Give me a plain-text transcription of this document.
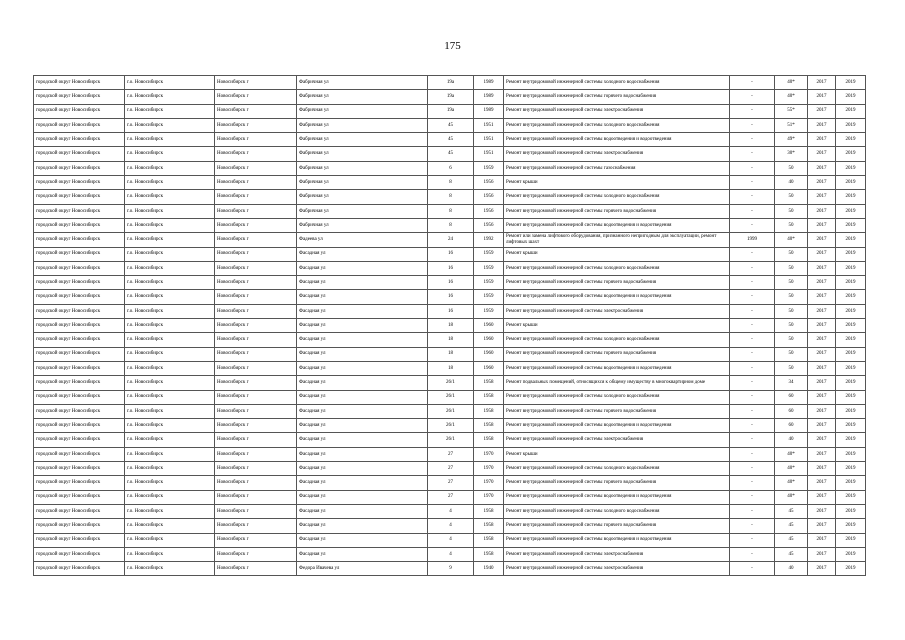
175
городской округ Новосибирск	г.о. Новосибирск	Новосибирск г	Фабричная ул	19а	1989	Ремонт внутридомовой инженерной системы холодного водоснабжения	-	40*	2017	2019
городской округ Новосибирск	г.о. Новосибирск	Новосибирск г	Фабричная ул	19а	1989	Ремонт внутридомовой инженерной системы горячего водоснабжения	-	40*	2017	2019
городской округ Новосибирск	г.о. Новосибирск	Новосибирск г	Фабричная ул	19а	1989	Ремонт внутридомовой инженерной системы электроснабжения	-	55*	2017	2019
городской округ Новосибирск	г.о. Новосибирск	Новосибирск г	Фабричная ул	45	1951	Ремонт внутридомовой инженерной системы холодного водоснабжения	-	51*	2017	2019
городской округ Новосибирск	г.о. Новосибирск	Новосибирск г	Фабричная ул	45	1951	Ремонт внутридомовой инженерной системы водоотведения и водоотведения	-	49*	2017	2019
городской округ Новосибирск	г.о. Новосибирск	Новосибирск г	Фабричная ул	45	1951	Ремонт внутридомовой инженерной системы электроснабжения	-	30*	2017	2019
городской округ Новосибирск	г.о. Новосибирск	Новосибирск г	Фабричная ул	6	1959	Ремонт внутридомовой инженерной системы газоснабжения	-	50	2017	2019
городской округ Новосибирск	г.о. Новосибирск	Новосибирск г	Фабричная ул	8	1956	Ремонт крыши	-	40	2017	2019
городской округ Новосибирск	г.о. Новосибирск	Новосибирск г	Фабричная ул	8	1956	Ремонт внутридомовой инженерной системы холодного водоснабжения	-	50	2017	2019
городской округ Новосибирск	г.о. Новосибирск	Новосибирск г	Фабричная ул	8	1956	Ремонт внутридомовой инженерной системы горячего водоснабжения	-	50	2017	2019
городской округ Новосибирск	г.о. Новосибирск	Новосибирск г	Фабричная ул	8	1956	Ремонт внутридомовой инженерной системы водоотведения и водоотведения	-	50	2017	2019
городской округ Новосибирск	г.о. Новосибирск	Новосибирск г	Фадеева ул	24	1992	Ремонт или замена лифтового оборудования, признанного непригодным для эксплуатации, ремонт лифтовых шахт	1999	40*	2017	2019
городской округ Новосибирск	г.о. Новосибирск	Новосибирск г	Фасадная ул	16	1959	Ремонт крыши	-	50	2017	2019
городской округ Новосибирск	г.о. Новосибирск	Новосибирск г	Фасадная ул	16	1959	Ремонт внутридомовой инженерной системы холодного водоснабжения	-	50	2017	2019
городской округ Новосибирск	г.о. Новосибирск	Новосибирск г	Фасадная ул	16	1959	Ремонт внутридомовой инженерной системы горячего водоснабжения	-	50	2017	2019
городской округ Новосибирск	г.о. Новосибирск	Новосибирск г	Фасадная ул	16	1959	Ремонт внутридомовой инженерной системы водоотведения и водоотведения	-	50	2017	2019
городской округ Новосибирск	г.о. Новосибирск	Новосибирск г	Фасадная ул	16	1959	Ремонт внутридомовой инженерной системы электроснабжения	-	50	2017	2019
городской округ Новосибирск	г.о. Новосибирск	Новосибирск г	Фасадная ул	18	1960	Ремонт крыши	-	50	2017	2019
городской округ Новосибирск	г.о. Новосибирск	Новосибирск г	Фасадная ул	18	1960	Ремонт внутридомовой инженерной системы холодного водоснабжения	-	50	2017	2019
городской округ Новосибирск	г.о. Новосибирск	Новосибирск г	Фасадная ул	18	1960	Ремонт внутридомовой инженерной системы горячего водоснабжения	-	50	2017	2019
городской округ Новосибирск	г.о. Новосибирск	Новосибирск г	Фасадная ул	18	1960	Ремонт внутридомовой инженерной системы водоотведения и водоотведения	-	50	2017	2019
городской округ Новосибирск	г.о. Новосибирск	Новосибирск г	Фасадная ул	26/1	1958	Ремонт подвальных помещений, относящихся к общему имуществу в многоквартирном доме	-	34	2017	2019
городской округ Новосибирск	г.о. Новосибирск	Новосибирск г	Фасадная ул	26/1	1958	Ремонт внутридомовой инженерной системы холодного водоснабжения	-	60	2017	2019
городской округ Новосибирск	г.о. Новосибирск	Новосибирск г	Фасадная ул	26/1	1958	Ремонт внутридомовой инженерной системы горячего водоснабжения	-	60	2017	2019
городской округ Новосибирск	г.о. Новосибирск	Новосибирск г	Фасадная ул	26/1	1958	Ремонт внутридомовой инженерной системы водоотведения и водоотведения	-	60	2017	2019
городской округ Новосибирск	г.о. Новосибирск	Новосибирск г	Фасадная ул	26/1	1958	Ремонт внутридомовой инженерной системы электроснабжения	-	40	2017	2019
городской округ Новосибирск	г.о. Новосибирск	Новосибирск г	Фасадная ул	27	1970	Ремонт крыши	-	40*	2017	2019
городской округ Новосибирск	г.о. Новосибирск	Новосибирск г	Фасадная ул	27	1970	Ремонт внутридомовой инженерной системы холодного водоснабжения	-	40*	2017	2019
городской округ Новосибирск	г.о. Новосибирск	Новосибирск г	Фасадная ул	27	1970	Ремонт внутридомовой инженерной системы горячего водоснабжения	-	40*	2017	2019
городской округ Новосибирск	г.о. Новосибирск	Новосибирск г	Фасадная ул	27	1970	Ремонт внутридомовой инженерной системы водоотведения и водоотведения	-	40*	2017	2019
городской округ Новосибирск	г.о. Новосибирск	Новосибирск г	Фасадная ул	4	1958	Ремонт внутридомовой инженерной системы холодного водоснабжения	-	45	2017	2019
городской округ Новосибирск	г.о. Новосибирск	Новосибирск г	Фасадная ул	4	1958	Ремонт внутридомовой инженерной системы горячего водоснабжения	-	45	2017	2019
городской округ Новосибирск	г.о. Новосибирск	Новосибирск г	Фасадная ул	4	1958	Ремонт внутридомовой инженерной системы водоотведения и водоотведения	-	45	2017	2019
городской округ Новосибирск	г.о. Новосибирск	Новосибирск г	Фасадная ул	4	1958	Ремонт внутридомовой инженерной системы электроснабжения	-	45	2017	2019
городской округ Новосибирск	г.о. Новосибирск	Новосибирск г	Федора Ивачева ул	9	1940	Ремонт внутридомовой инженерной системы электроснабжения	-	40	2017	2019
